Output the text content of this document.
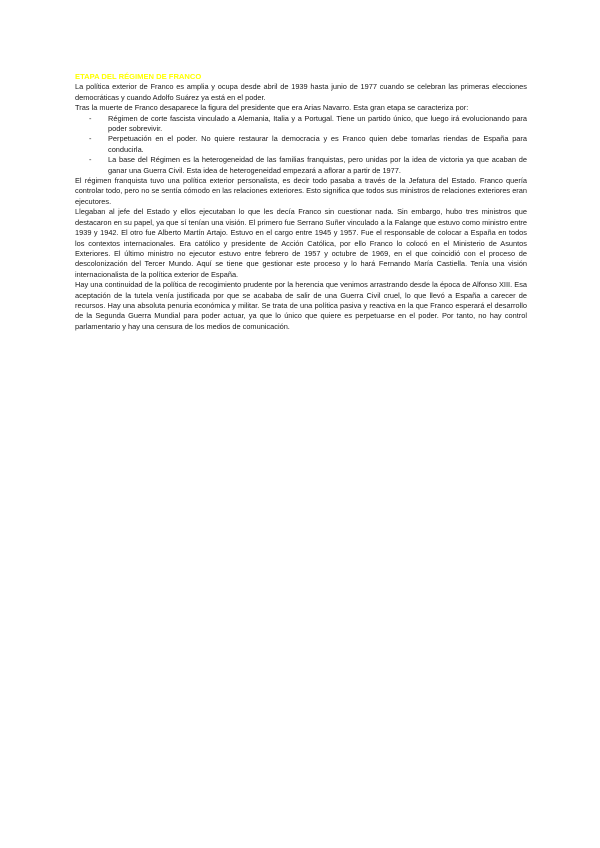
ETAPA DEL RÉGIMEN DE FRANCO

La política exterior de Franco es amplia y ocupa desde abril de 1939 hasta junio de 1977 cuando se celebran las primeras elecciones democráticas y cuando Adolfo Suárez ya está en el poder.

Tras la muerte de Franco desaparece la figura del presidente que era Arias Navarro. Esta gran etapa se caracteriza por:

- Régimen de corte fascista vinculado a Alemania, Italia y a Portugal. Tiene un partido único, que luego irá evolucionando para poder sobrevivir.
- Perpetuación en el poder. No quiere restaurar la democracia y es Franco quien debe tomarlas riendas de España para conducirla.
- La base del Régimen es la heterogeneidad de las familias franquistas, pero unidas por la idea de victoria ya que acaban de ganar una Guerra Civil. Esta idea de heterogeneidad empezará a aflorar a partir de 1977.

El régimen franquista tuvo una política exterior personalista, es decir todo pasaba a través de la Jefatura del Estado. Franco quería controlar todo, pero no se sentía cómodo en las relaciones exteriores. Esto significa que todos sus ministros de relaciones exteriores eran ejecutores.

Llegaban al jefe del Estado y ellos ejecutaban lo que les decía Franco sin cuestionar nada. Sin embargo, hubo tres ministros que destacaron en su papel, ya que sí tenían una visión. El primero fue Serrano Suñer vinculado a la Falange que estuvo como ministro entre 1939 y 1942. El otro fue Alberto Martín Artajo. Estuvo en el cargo entre 1945 y 1957. Fue el responsable de colocar a España en todos los contextos internacionales. Era católico y presidente de Acción Católica, por ello Franco lo colocó en el Ministerio de Asuntos Exteriores. El último ministro no ejecutor estuvo entre febrero de 1957 y octubre de 1969, en el que coincidió con el proceso de descolonización del Tercer Mundo. Aquí se tiene que gestionar este proceso y lo hará Fernando María Castiella. Tenía una visión internacionalista de la política exterior de España.

Hay una continuidad de la política de recogimiento prudente por la herencia que venimos arrastrando desde la época de Alfonso XIII. Esa aceptación de la tutela venía justificada por que se acababa de salir de una Guerra Civil cruel, lo que llevó a España a carecer de recursos. Hay una absoluta penuria económica y militar. Se trata de una política pasiva y reactiva en la que Franco esperará el desarrollo de la Segunda Guerra Mundial para poder actuar, ya que lo único que quiere es perpetuarse en el poder. Por tanto, no hay control parlamentario y hay una censura de los medios de comunicación.
